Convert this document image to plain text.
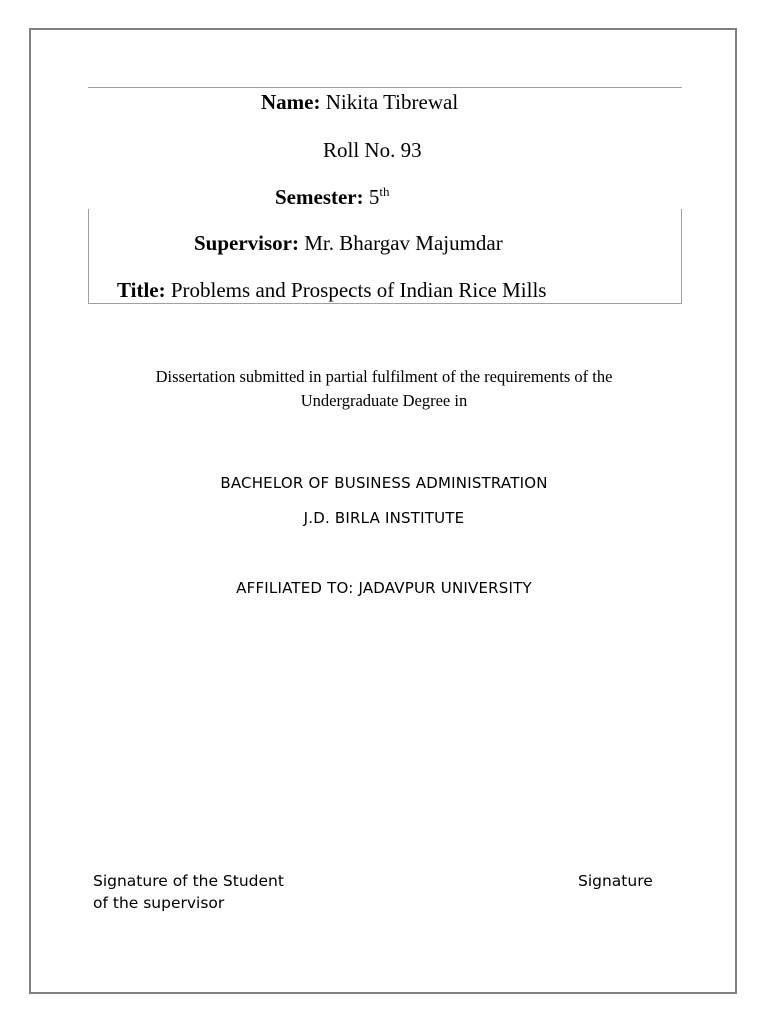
Name: Nikita Tibrewal
Roll No. 93
Semester: 5th
Supervisor: Mr. Bhargav Majumdar
Title: Problems and Prospects of Indian Rice Mills
Dissertation submitted in partial fulfilment of the requirements of the
Undergraduate Degree in
BACHELOR OF BUSINESS ADMINISTRATION
J.D. BIRLA INSTITUTE
AFFILIATED TO: JADAVPUR UNIVERSITY
Signature of the Student	Signature
of the supervisor
